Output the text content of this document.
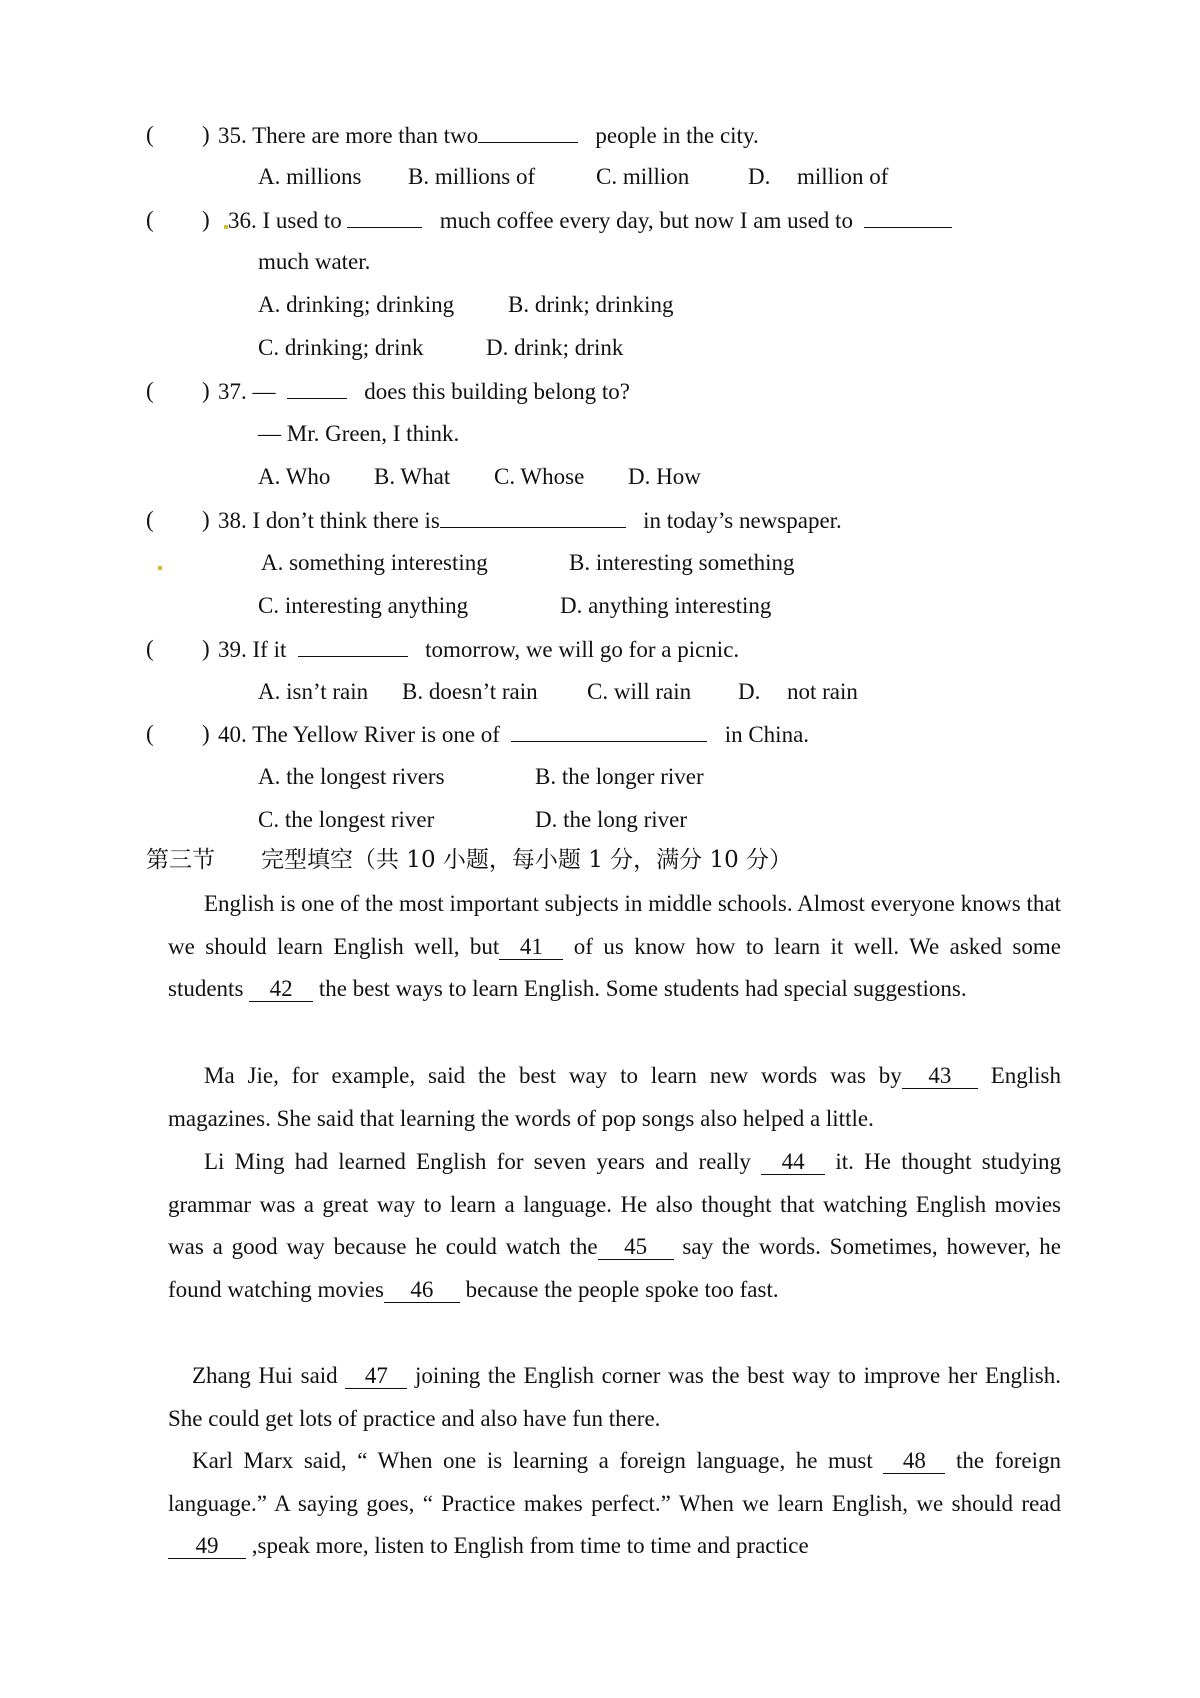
( ) 35. There are more than two	people in the city.
A. millions B. millions of	C. million	D. million of
( ) 36. I used to	much coffee every day, but now I am used to
much water.
A. drinking; drinking B. drink; drinking
C. drinking; drink	D. drink; drink
( ) 37. —	does this building belong to?
— Mr. Green, I think.
A. Who B. What C. Whose D. How
( ) 38. I don’t think there is	in today’s newspaper.
A. something interesting	B. interesting something
C. interesting anything	D. anything interesting
( ) 39. If it	tomorrow, we will go for a picnic.
A. isn’t rain B. doesn’t rain C. will rain D. not rain
( ) 40. The Yellow River is one of	in China.
A. the longest rivers	B. the longer river
C. the longest river	D. the long river
第三节　　完型填空（共 10 小题，每小题 1 分，满分 10 分）
English is one of the most important subjects in middle schools. Almost everyone knows that we should learn English well, but 41 of us know how to learn it well. We asked some students 42 the best ways to learn English. Some students had special suggestions.
Ma Jie, for example, said the best way to learn new words was by 43 English magazines. She said that learning the words of pop songs also helped a little.
Li Ming had learned English for seven years and really 44 it. He thought studying grammar was a great way to learn a language. He also thought that watching English movies was a good way because he could watch the 45 say the words. Sometimes, however, he found watching movies 46 because the people spoke too fast.
Zhang Hui said 47 joining the English corner was the best way to improve her English. She could get lots of practice and also have fun there.
Karl Marx said, “ When one is learning a foreign language, he must 48 the foreign language.” A saying goes, “ Practice makes perfect.” When we learn English, we should read 49 ,speak more, listen to English from time to time and practice
